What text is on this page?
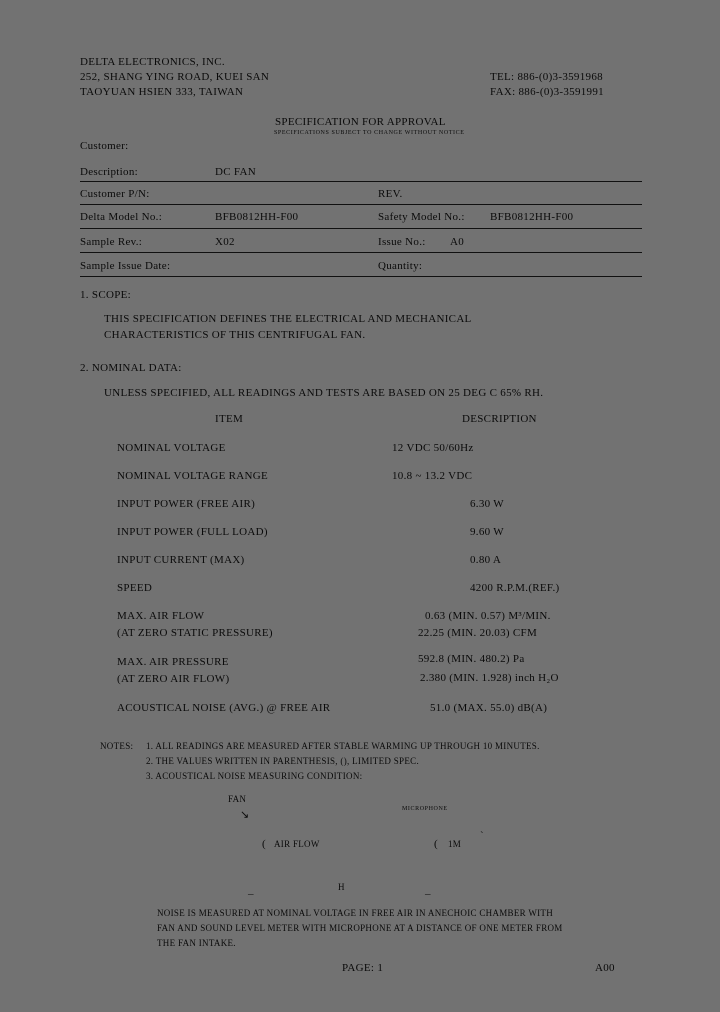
DELTA ELECTRONICS, INC.
252, SHANG YING ROAD, KUEI SAN
TAOYUAN HSIEN 333, TAIWAN
TEL: 886-(0)3-3591968
FAX: 886-(0)3-3591991
SPECIFICATION FOR APPROVAL
SPECIFICATIONS SUBJECT TO CHANGE WITHOUT NOTICE
Customer:
Description:	DC FAN
Customer P/N:	REV.
Delta Model No.:	BFB0812HH-F00	Safety Model No.: BFB0812HH-F00
Sample Rev.:	X02	Issue No.: A0
Sample Issue Date:	Quantity:
1. SCOPE:
THIS SPECIFICATION DEFINES THE ELECTRICAL AND MECHANICAL
CHARACTERISTICS OF THIS CENTRIFUGAL FAN.
2. NOMINAL DATA:
UNLESS SPECIFIED, ALL READINGS AND TESTS ARE BASED ON 25 DEG C 65% RH.
ITEM	DESCRIPTION
NOMINAL VOLTAGE	12 VDC 50/60Hz
NOMINAL VOLTAGE RANGE	10.8 ~ 13.2 VDC
INPUT POWER (FREE AIR)	6.30 W
INPUT POWER (FULL LOAD)	9.60 W
INPUT CURRENT (MAX)	0.80 A
SPEED	4200 R.P.M.(REF.)
MAX. AIR FLOW	0.63 (MIN. 0.57) M³/MIN.
(AT ZERO STATIC PRESSURE)	22.25 (MIN. 20.03) CFM
MAX. AIR PRESSURE	592.8 (MIN. 480.2) Pa
(AT ZERO AIR FLOW)	2.380 (MIN. 1.928) inch H₂O
ACOUSTICAL NOISE (AVG.) @ FREE AIR	51.0 (MAX. 55.0) dB(A)
NOTES: 1. ALL READINGS ARE MEASURED AFTER STABLE WARMING UP THROUGH 10 MINUTES.
2. THE VALUES WRITTEN IN PARENTHESIS, (), LIMITED SPEC.
3. ACOUSTICAL NOISE MEASURING CONDITION:
FAN
↘	MICROPHONE
( AIR FLOW	( 1M
ˋ
H
_	_
NOISE IS MEASURED AT NOMINAL VOLTAGE IN FREE AIR IN ANECHOIC CHAMBER WITH
FAN AND SOUND LEVEL METER WITH MICROPHONE AT A DISTANCE OF ONE METER FROM
THE FAN INTAKE.
PAGE: 1	A00
